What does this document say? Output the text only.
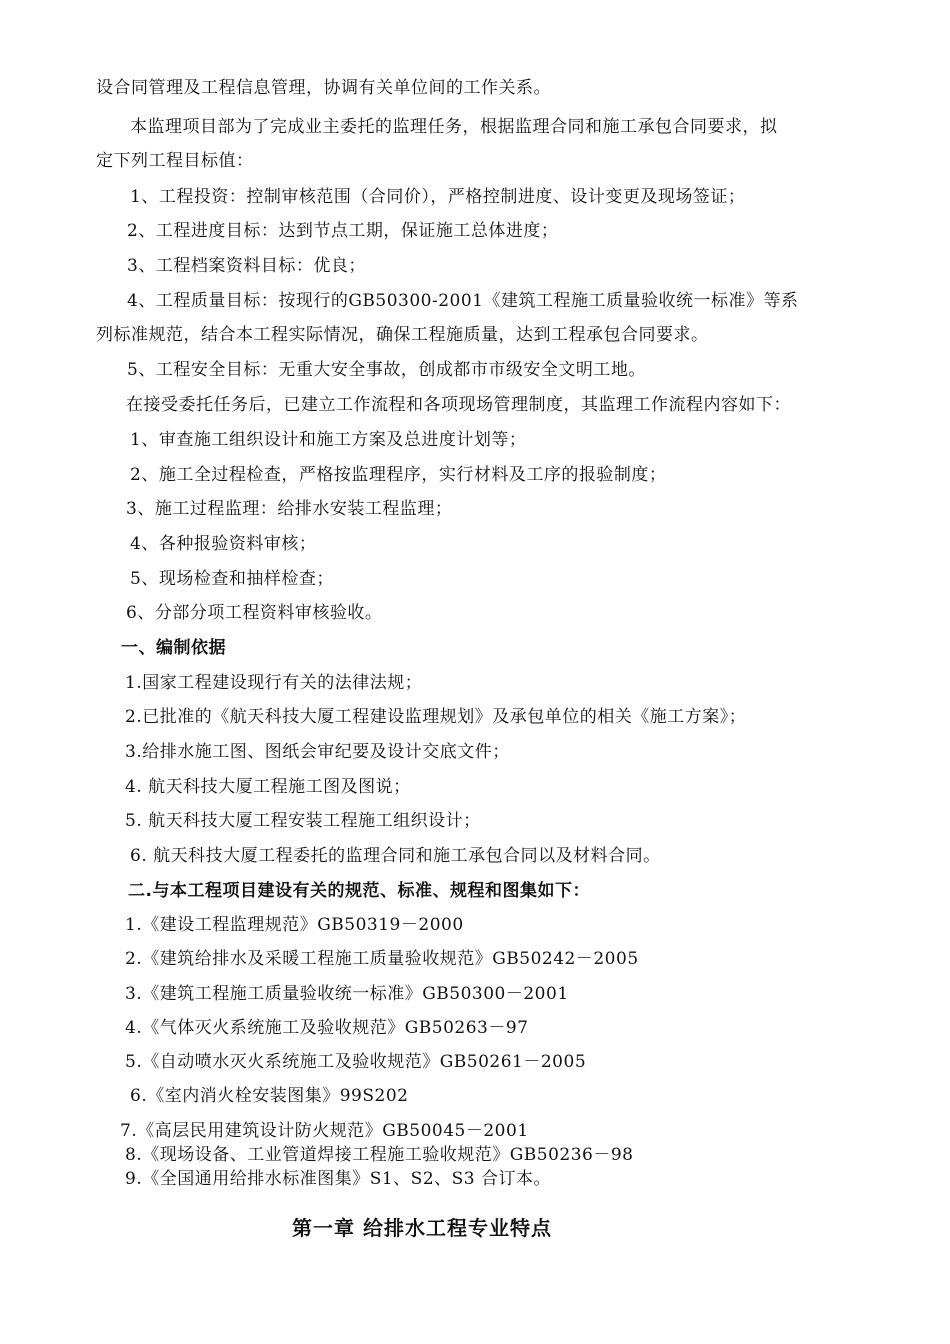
设合同管理及工程信息管理，协调有关单位间的工作关系。
本监理项目部为了完成业主委托的监理任务，根据监理合同和施工承包合同要求，拟
定下列工程目标值：
1、工程投资：控制审核范围（合同价），严格控制进度、设计变更及现场签证；
2、工程进度目标：达到节点工期，保证施工总体进度；
3、工程档案资料目标：优良；
4、工程质量目标：按现行的GB50300-2001《建筑工程施工质量验收统一标准》等系
列标准规范，结合本工程实际情况，确保工程施质量，达到工程承包合同要求。
5、工程安全目标：无重大安全事故，创成都市市级安全文明工地。
在接受委托任务后，已建立工作流程和各项现场管理制度，其监理工作流程内容如下：
1、审查施工组织设计和施工方案及总进度计划等；
2、施工全过程检查，严格按监理程序，实行材料及工序的报验制度；
3、施工过程监理：给排水安装工程监理；
4、各种报验资料审核；
5、现场检查和抽样检查；
6、分部分项工程资料审核验收。
一、编制依据
1.国家工程建设现行有关的法律法规；
2.已批准的《航天科技大厦工程建设监理规划》及承包单位的相关《施工方案》；
3.给排水施工图、图纸会审纪要及设计交底文件；
4. 航天科技大厦工程施工图及图说；
5. 航天科技大厦工程安装工程施工组织设计；
6. 航天科技大厦工程委托的监理合同和施工承包合同以及材料合同。
二.与本工程项目建设有关的规范、标准、规程和图集如下：
1.《建设工程监理规范》GB50319－2000
2.《建筑给排水及采暖工程施工质量验收规范》GB50242－2005
3.《建筑工程施工质量验收统一标准》GB50300－2001
4.《气体灭火系统施工及验收规范》GB50263－97
5.《自动喷水灭火系统施工及验收规范》GB50261－2005
6.《室内消火栓安装图集》99S202
7.《高层民用建筑设计防火规范》GB50045－2001
8.《现场设备、工业管道焊接工程施工验收规范》GB50236－98
9.《全国通用给排水标准图集》S1、S2、S3 合订本。
第一章 给排水工程专业特点
